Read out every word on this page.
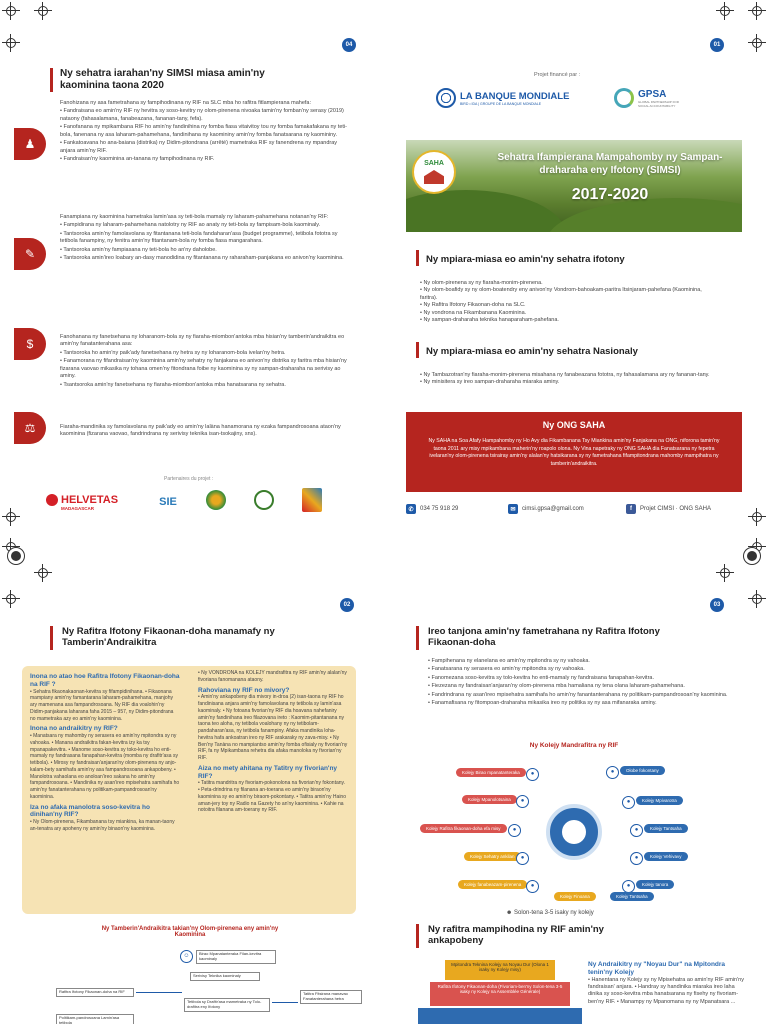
04
Ny sehatra iarahan'ny SIMSI miasa amin'ny kaominina taona 2020
♟
Fanohizana ny asa fametrahana sy fampihodinana ny RIF na SLC mba ho rafitra fitlampierana mahefa:
• Fandraisana eo amin'ny RIF ny hevitra sy soso-kevitry ny olom-pirenena nivoaka tamin'ny fomban'ny serasy (2019) nataony (fahasalamana, fanabeazana, fananan-tany, fefa).
• Fanofanana ny mpikambana RIF ho amin'ny fandinihina ny fomba fiasa vitaivitoy tou ny fomba famakafakana ny teti-bola, fanenana ny asa laharam-pahamehana, fandinihana ny kaomininy amin'ny fomba fanatsarana ny kaomininy.
• Fankatoavana ho ana-baiana (distrika) ny Didim-pitondrana (arrêté) mametraka RIF sy fanendrena ny mpandray anjara amin'ny RIF.
• Fandraisan'ny kaominina an-tanana ny fampihodinana ny RIF.
✎
Fanampiana ny kaominina hametraka lamin'asa sy teti-bola mamaly ny laharam-pahamehana notanan'ny RIF:
• Fampidirana ny laharam-pahamehana natolotry ny RIF ao anaty ny teti-bola sy fampisam-bola kaominaly.
• Tantsoroka amin'ny famolavolana sy fitantanana teti-bola fandaharan'asa (budget programme), tetibola fototra sy tetibola fanampiny, ny fenitra amin'ny fitantanam-bola ny fomba fiasa mangarahara.
• Tantsoroka amin'ny fampiasana ny teti-bola ho an'ny daholobe.
• Tantsoroka amin'ireo loabary an-dasy manodidina ny fitantanana ny raharaham-panjakana eo anivon'ny kaominina.
$	Fanohanana ny fanetsehana ny loharanom-bola sy ny fiaraha-miombon'antoka mba hisian'ny tamberin'andraikitra eo amin'ny fanatanterahana asa:
• Tantsoroka ho amin'ny paik'ady fanetsehana ny hetra sy ny loharanom-bola ivelan'ny hetra.
• Fanamorana ny fifandraisan'ny kaominina amin'ny sehatry ny fanjakana eo anivon'ny distrika sy faritra mba hisian'ny fizarana vaovao mikasika ny tohana omen'ny fitondrana foibe ny kaominina sy ny sampan-draharaha na serivisy ao aminy.
• Tsantsoroka amin'ny fanetsehana ny fiaraha-miombon'antoka mba hanatsarana ny sehatra.
⚖	Fiaraha-mandinika sy famolavolana ny paik'ady eo amin'ny lalàna hanamorana ny ezaka fampandrosoana ataon'ny kaominina (fizarana vaovao, fandrindrana ny serivisy teknika isan-tsokajiny, sns).
Partenaires du projet :
HELVETAS
MADAGASCAR	SIE
01
Projet financé par :
LA BANQUE MONDIALE
BIRD • IDA | GROUPE DE LA BANQUE MONDIALE
GPSA
GLOBAL PARTNERSHIP FOR SOCIAL ACCOUNTABILITY
SAHA
Sehatra Ifampierana Mampahomby ny Sampan-draharaha eny Ifotony (SIMSI)
2017-2020
Ny mpiara-miasa eo amin'ny sehatra ifotony
• Ny olom-pirenena sy ny fiaraha-monim-pirenena.
• Ny olom-boafidy sy ny olom-boatendry eny anivon'ny Vondrom-bahoakam-paritra Itsinjaram-pahefana (Kaominina, faritra).
• Ny Rafitra Ifotony Fikaonan-doha na SLC.
• Ny vondrona na Fikambanana Kaominina.
• Ny sampan-draharaha teknika hanaparaham-pahefana.
Ny mpiara-miasa eo amin'ny sehatra Nasionaly
• Ny Tambazotran'ny fiaraha-monim-pirenena misahana ny fanabeazana fototra, ny fahasalamana ary ny fananan-tany.
• Ny minisitera sy ireo sampan-draharaha miaraka aminy.
Ny ONG SAHA
Ny SAHA na Soa Afafy Hampahomby ny Ho Avy dia Fikambanana Tsy Miankina amin'ny Fanjakana na ONG, niforona tamin'ny taona 2011 ary misy mpikambana maherin'ny roapolo olona. Ny Vina napetraky ny ONG SAHA dia Fanatsarana ny fepetra ivelaran'ny olom-pirenena tsirairay amin'ny alalan'ny hatsikarana sy ny fametrahana fifampitondrana mahomby mampihatra ny tamberin'andraikitra.
✆	034 75 918 29	✉	cimsi.gpsa@gmail.com	f	Projet CIMSI · ONG SAHA
02
Ny Rafitra Ifotony Fikaonan-doha manamafy ny Tamberin'Andraikitra
Inona no atao hoe Rafitra Ifotony Fikaonan-doha na RIF ?
• Sehatra fikaonakaonan-kevitra sy fifampidinihana. • Fikaonana mampiany amin'ny famantarana laharam-pahamehana, manjohy ary mamenana asa fampandrosoana. Ny RIF dia voalohin'ny Didim-panjakana laharana faha 2015 – 957, ny Didim-pitondrana no mametraka azy eo amin'ny kaominina.
Inona no andraikitry ny RIF?
• Manatsara ny mahomby ny serasera eo amin'ny mpitondra sy ny vahoaka. • Manana andraikitra fakan-kevitra izy ka tsy mpanapakevitra. • Manome soso-kevitra sy toko-kevitra ho enti-mamaly ny fandrasana fanapahan-kevitra (momba ny drafitr'asa sy tetibola). • Mirosy ny fandraisan'anjaran'ny olom-pirenena ny anjo-kalam-bety samihafa amin'ny asa fampandrosoana ankapobeny. • Manolotra vahaolana eo anoloan'ireo sakana ho amin'ny fampandrosoana. • Mandinika ny asan'ireo mpisehatra samihafa ho amin'ny fanatanterahana ny politikam-pampandrosoan'ny kaominina.
Iza no afaka manolotra soso-kevitra ho dinihan'ny RIF?
• Ny Olom-pirenena, Fikambanana tsy miankina, ka manan-taony an-tenatra ary apoheny ny amin'ny binaon'ny kaominina.
• Ny VONDRONA na KOLEJY mandrafitra ny RIF amin'ny alalan'ny fivoriana fanomanana ataony.
Rahoviana ny RIF no mivory?
• Amin'ny ankapobeny dia mivory in-droa (2) isan-taona ny RIF ho fandinisana anjara amin'ny famolavolana ny tetibola sy lamin'asa kaominaly. • Ny fotoana fivorian'ny RIF dia hoavana nahefaniry amin'ny fandinihana ireo filazovana ireto : Kaomim-pitantanana ny taona teo aloha, ny tetibola voalohany ny ny tetibolam-pandaharan'asa, ny tetibola fanampiny. Afaka mandinika loha-hevitra hafa ankoatran ireo ny RIF arakaraky ny zava-misy. • Ny Ben'ny Tanàna no mampiantso amin'ny fomba ofisialy ny fivorian'ny RIF, fa ny Mpikambana rehetra dia afaka manoloka ny fivorian'ny RIF.
Aiza no mety ahitana ny Tatitry ny fivorian'ny RIF?
• Tatitra mandritra ny fivoriam-pokonolona na fivorian'ny fokontany. • Peta-drindrina ny filanana an-toerana eo amin'ny biraon'ny kaominina sy eo amin'ny biraom-pokontany. • Tatitra amin'ny Haino aman-jery toy ny Radio na Gazety ho an'ny kaominina. • Kahie na notoitra filanana am-toerany ny RIF.
Ny Tamberin'Andraikitra takian'ny Olom-pirenena eny amin'ny Kaominina
☺	Birao Mpanatanteraka Filan-kevitra kaominaly
Serivisy Teknika kaominaly
Rafitra Ifotony Fikaonan-doha na RIF
Tetibola sy Drafitr'asa mametraka ny Tolo-drafitra eny Ifotony
Tatitra Fitsirana manavao Fanatanterahana hetra
Politikam-pandrosoana Lamin'asa tetibola
03
Ireo tanjona amin'ny fametrahana ny Rafitra Ifotony Fikaonan-doha
• Fampihenana ny elanelana eo amin'ny mpitondra sy ny vahoaka.
• Fanatsarana ny serasera eo amin'ny mpitondra sy ny vahoaka.
• Fanomezana soso-kevitra sy tolo-kevitra ho enti-mamaly ny fandraisana fanapahan-kevitra.
• Fiezezana ny fandraisan'anjaran'ny olom-pirenena mba hamaliana ny tena olana laharam-pahamehana.
• Fandrindrana ny asan'ireo mpisehatra samihafa ho amin'ny fanantanterahana ny politikam-pampandrosoan'ny kaominina.
• Fanamafisana ny fitompoan-draharaha mikasika ireo ny politika sy ny asa mifanaraka aminy.
Ny Kolejy Mandrafitra ny RIF
Kolejy Birao mpanatanteraka	●
Kolejy Mpanolotsaina	●
Kolejy Rafitra fikaonan-doha efa misy	●
Kolejy Sehatry ankilan	●
Kolejy fanabeazam-pirenena	●
●	Olobe fokontany
●	Kolejy Mpivarotra
●	Kolejy Tantsaha
●	Kolejy Vehivavy
●	Kolejy tanora
Kolejy Finoana	Kolejy Tantsaha
☻ Solon-tena 3-5 isaky ny kolejy
Ny rafitra mampihodina ny RIF amin'ny ankapobeny
Mpitondra Teknina Kolejy na Noyau Dur (Olona 1 isaky ny Kolejy misy)
Rafitra Ifotony Fikaonan-doha (Fivoriam-ben'ny Solon-tena 3-5 isaky ny Kolejy na Assemblée Générale)
Ny Andraikitry ny "Noyau Dur" na Mpitondra tenin'ny Kolejy
• Hanentana ny Kolejy sy ny Mpisehatra ao amin'ny RIF amin'ny fandraisan' anjara. • Handray sy handinika miaraka ireo laha dinika sy soso-kevitra mba hanatsarana ny fisehy ny fivoriam-ben'ny RIF. • Manampy ny Mpanomana ny ny Mpanatsara ...
